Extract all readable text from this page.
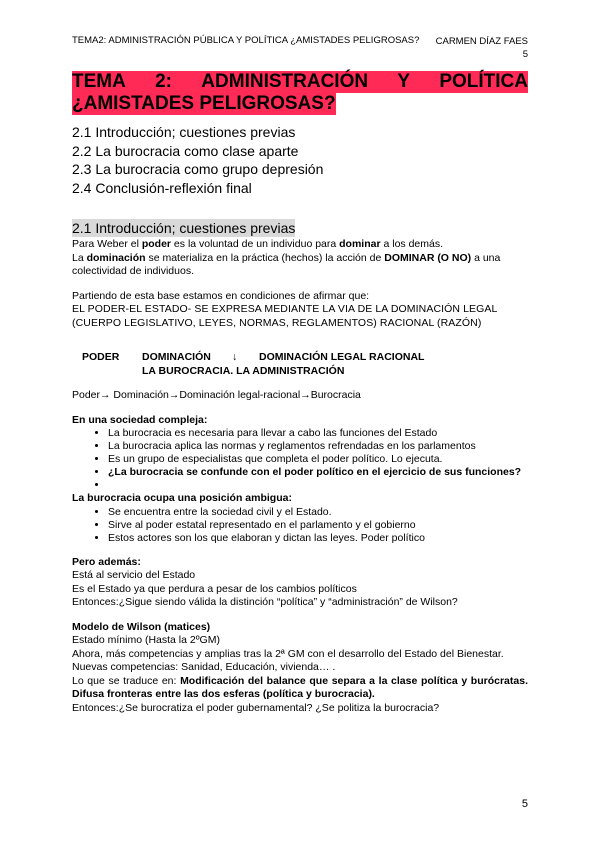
TEMA2: ADMINISTRACIÓN PÚBLICA Y POLÍTICA ¿AMISTADES PELIGROSAS? CARMEN DÍAZ FAES
5
TEMA 2: ADMINISTRACIÓN Y POLÍTICA
¿AMISTADES PELIGROSAS?
2.1 Introducción; cuestiones previas
2.2 La burocracia como clase aparte
2.3 La burocracia como grupo depresión
2.4 Conclusión-reflexión final
2.1 Introducción; cuestiones previas

Para Weber el poder es la voluntad de un individuo para dominar a los demás.

La dominación se materializa en la práctica (hechos) la acción de DOMINAR (O NO) a una colectividad de individuos.

Partiendo de esta base estamos en condiciones de afirmar que:

EL PODER-EL ESTADO- SE EXPRESA MEDIANTE LA VIA DE LA DOMINACIÓN LEGAL (CUERPO LEGISLATIVO, LEYES, NORMAS, REGLAMENTOS) RACIONAL (RAZÓN)

PODER	DOMINACIÓN	↓	DOMINACIÓN LEGAL RACIONAL
LA BUROCRACIA. LA ADMINISTRACIÓN

Poder→ Dominación→Dominación legal-racional→Burocracia

En una sociedad compleja:

• La burocracia es necesaria para llevar a cabo las funciones del Estado
• La burocracia aplica las normas y reglamentos refrendadas en los parlamentos
• Es un grupo de especialistas que completa el poder político. Lo ejecuta.
• ¿La burocracia se confunde con el poder político en el ejercicio de sus funciones?
•

La burocracia ocupa una posición ambigua:

• Se encuentra entre la sociedad civil y el Estado.
• Sirve al poder estatal representado en el parlamento y el gobierno
• Estos actores son los que elaboran y dictan las leyes. Poder político

Pero además:

Está al servicio del Estado

Es el Estado ya que perdura a pesar de los cambios políticos

Entonces:¿Sigue siendo válida la distinción “política” y “administración” de Wilson?

Modelo de Wilson (matices)

Estado mínimo (Hasta la 2ºGM)

Ahora, más competencias y amplias tras la 2ª GM con el desarrollo del Estado del Bienestar.

Nuevas competencias: Sanidad, Educación, vivienda… .

Lo que se traduce en: Modificación del balance que separa a la clase política y burócratas. Difusa fronteras entre las dos esferas (política y burocracia).

Entonces:¿Se burocratiza el poder gubernamental? ¿Se politiza la burocracia?

5
